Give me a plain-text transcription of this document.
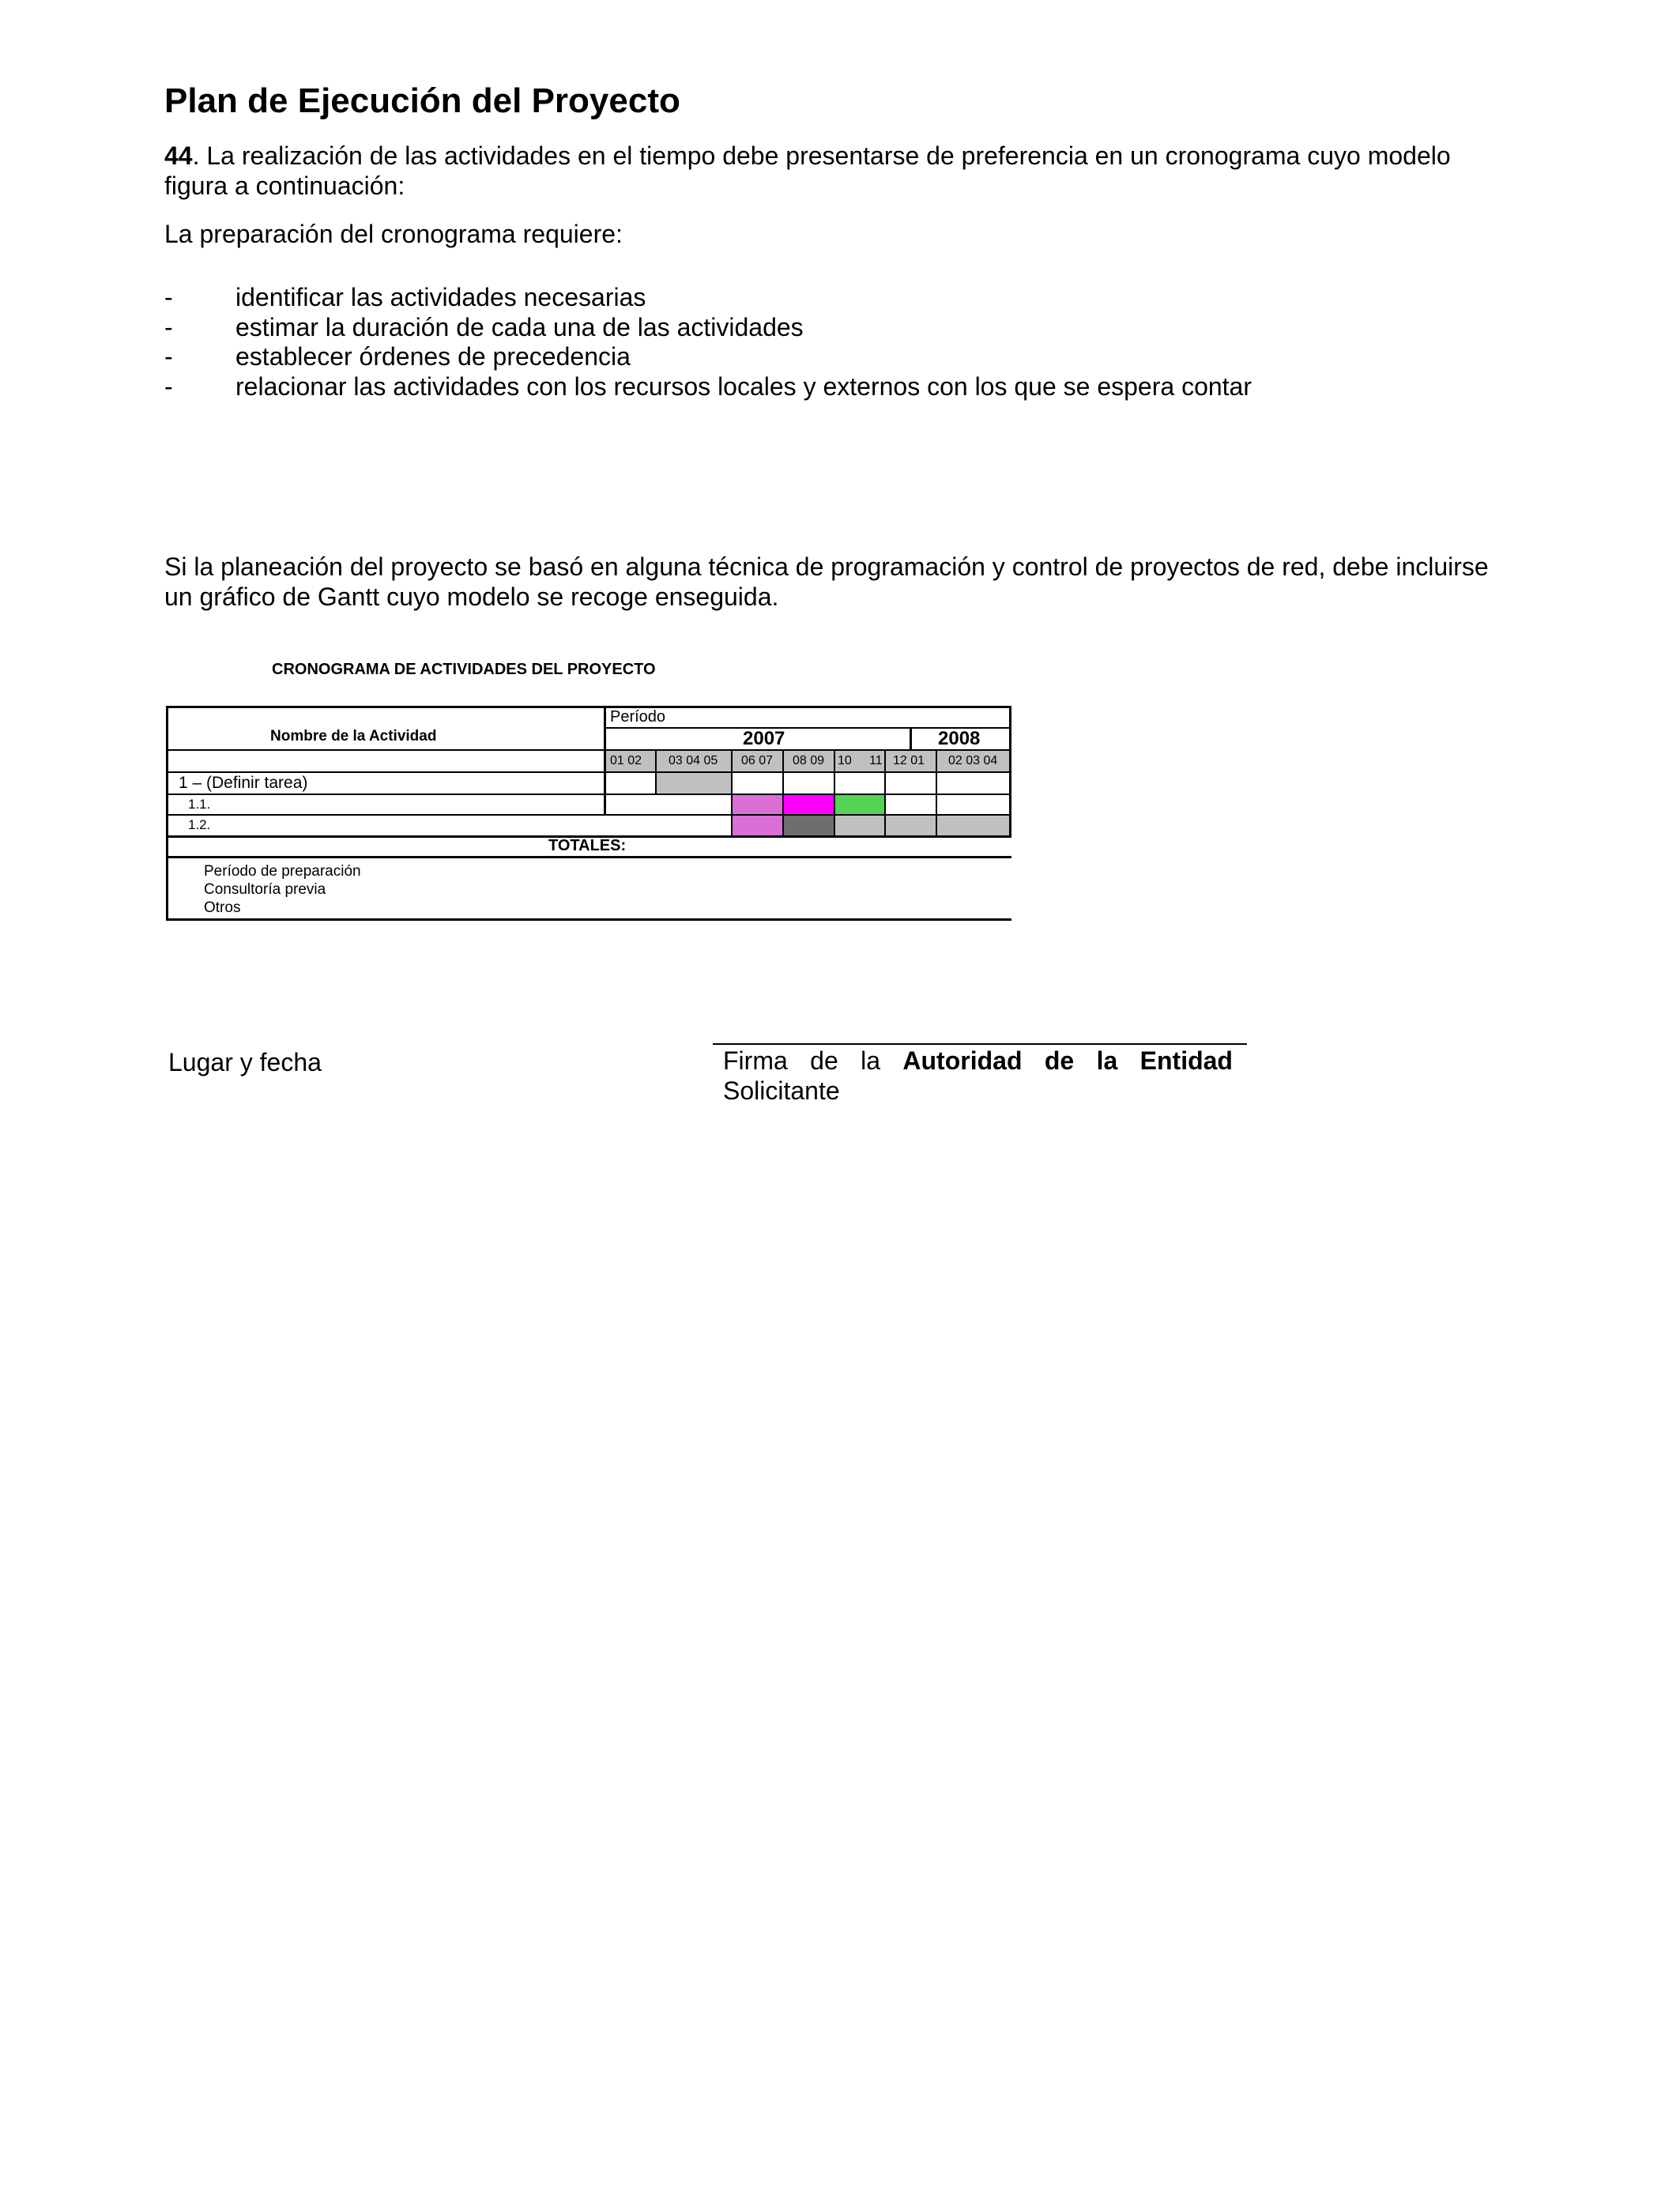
Plan de Ejecución del Proyecto
44. La realización de las actividades en el tiempo debe presentarse de preferencia en un cronograma cuyo modelo figura a continuación:
La preparación del cronograma requiere:
- identificar las actividades necesarias
- estimar la duración de cada una de las actividades
- establecer órdenes de precedencia
- relacionar las actividades con los recursos locales y externos con los que se espera contar
Si la planeación del proyecto se basó en alguna técnica de programación y control de proyectos de red, debe incluirse un gráfico de Gantt cuyo modelo se recoge enseguida.
CRONOGRAMA DE ACTIVIDADES DEL PROYECTO
Nombre de la Actividad
Período
2007	2008
01 02 03 04 05 06 07 08 09 10 11 12 01 02 03 04
1 – (Definir tarea)
1.1.
1.2.
TOTALES:
Período de preparación
Consultoría previa
Otros
Lugar y fecha	Firma de la Autoridad de la Entidad
Solicitante
